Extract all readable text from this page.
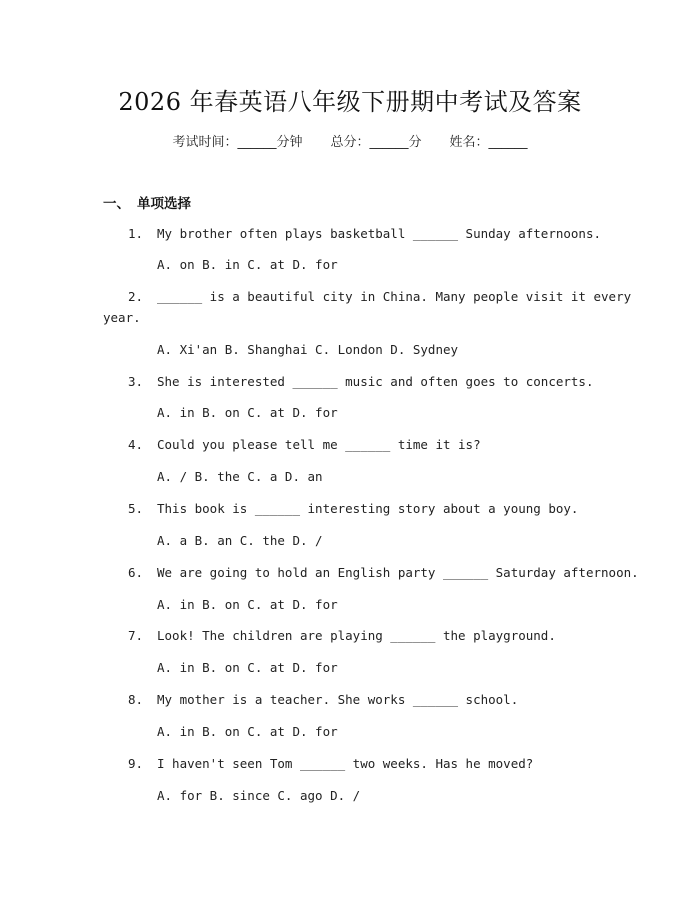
2026 年春英语八年级下册期中考试及答案
考试时间：______分钟 总分：______分 姓名：______
一、 单项选择
1. My brother often plays basketball ______ Sunday afternoons.
A. on B. in C. at D. for
2. ______ is a beautiful city in China. Many people visit it every
year.
A. Xi'an B. Shanghai C. London D. Sydney
3. She is interested ______ music and often goes to concerts.
A. in B. on C. at D. for
4. Could you please tell me ______ time it is?
A. / B. the C. a D. an
5. This book is ______ interesting story about a young boy.
A. a B. an C. the D. /
6. We are going to hold an English party ______ Saturday afternoon.
A. in B. on C. at D. for
7. Look! The children are playing ______ the playground.
A. in B. on C. at D. for
8. My mother is a teacher. She works ______ school.
A. in B. on C. at D. for
9. I haven't seen Tom ______ two weeks. Has he moved?
A. for B. since C. ago D. /
